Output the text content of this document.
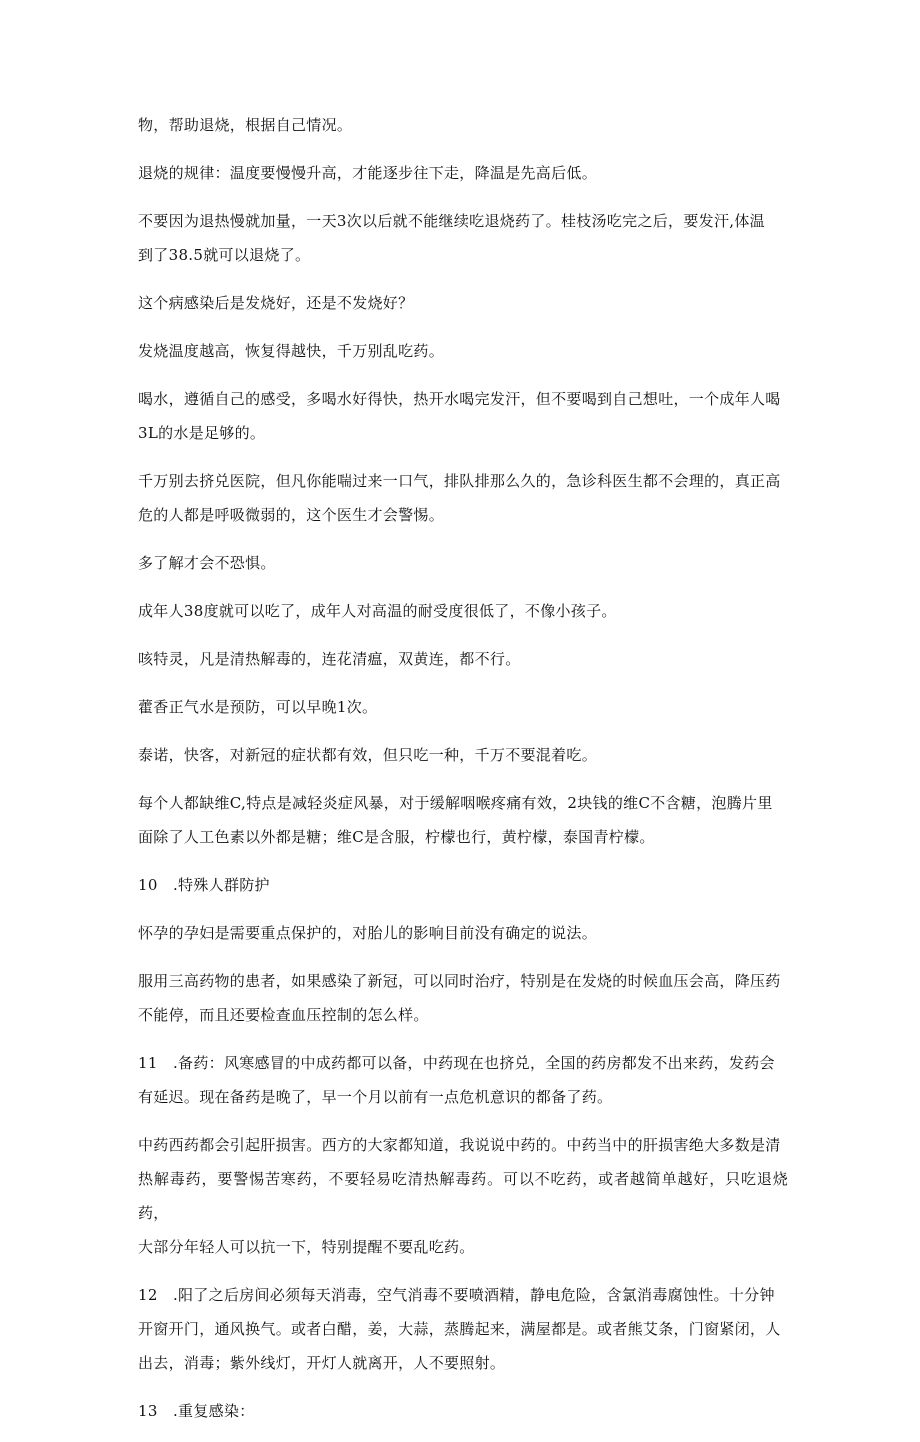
物，帮助退烧，根据自己情况。

退烧的规律：温度要慢慢升高，才能逐步往下走，降温是先高后低。

不要因为退热慢就加量，一天3次以后就不能继续吃退烧药了。桂枝汤吃完之后，要发汗,体温
到了38.5就可以退烧了。

这个病感染后是发烧好，还是不发烧好？

发烧温度越高，恢复得越快，千万别乱吃药。

喝水，遵循自己的感受，多喝水好得快，热开水喝完发汗，但不要喝到自己想吐，一个成年人喝
3L的水是足够的。

千万别去挤兑医院，但凡你能喘过来一口气，排队排那么久的，急诊科医生都不会理的，真正高
危的人都是呼吸微弱的，这个医生才会警惕。

多了解才会不恐惧。

成年人38度就可以吃了，成年人对高温的耐受度很低了，不像小孩子。

咳特灵，凡是清热解毒的，连花清瘟，双黄连，都不行。

藿香正气水是预防，可以早晚1次。

泰诺，快客，对新冠的症状都有效，但只吃一种，千万不要混着吃。

每个人都缺维C,特点是减轻炎症风暴，对于缓解咽喉疼痛有效，2块钱的维C不含糖，泡腾片里
面除了人工色素以外都是糖；维C是含服，柠檬也行，黄柠檬，泰国青柠檬。

10　.特殊人群防护

怀孕的孕妇是需要重点保护的，对胎儿的影响目前没有确定的说法。

服用三高药物的患者，如果感染了新冠，可以同时治疗，特别是在发烧的时候血压会高，降压药
不能停，而且还要检查血压控制的怎么样。

11　.备药：风寒感冒的中成药都可以备，中药现在也挤兑，全国的药房都发不出来药，发药会
有延迟。现在备药是晚了，早一个月以前有一点危机意识的都备了药。

中药西药都会引起肝损害。西方的大家都知道，我说说中药的。中药当中的肝损害绝大多数是清
热解毒药，要警惕苦寒药，不要轻易吃清热解毒药。可以不吃药，或者越简单越好，只吃退烧药，
大部分年轻人可以抗一下，特别提醒不要乱吃药。

12　.阳了之后房间必须每天消毒，空气消毒不要喷酒精，静电危险，含氯消毒腐蚀性。十分钟
开窗开门，通风换气。或者白醋，姜，大蒜，蒸腾起来，满屋都是。或者熊艾条，门窗紧闭，人
出去，消毒；紫外线灯，开灯人就离开，人不要照射。

13　.重复感染：
